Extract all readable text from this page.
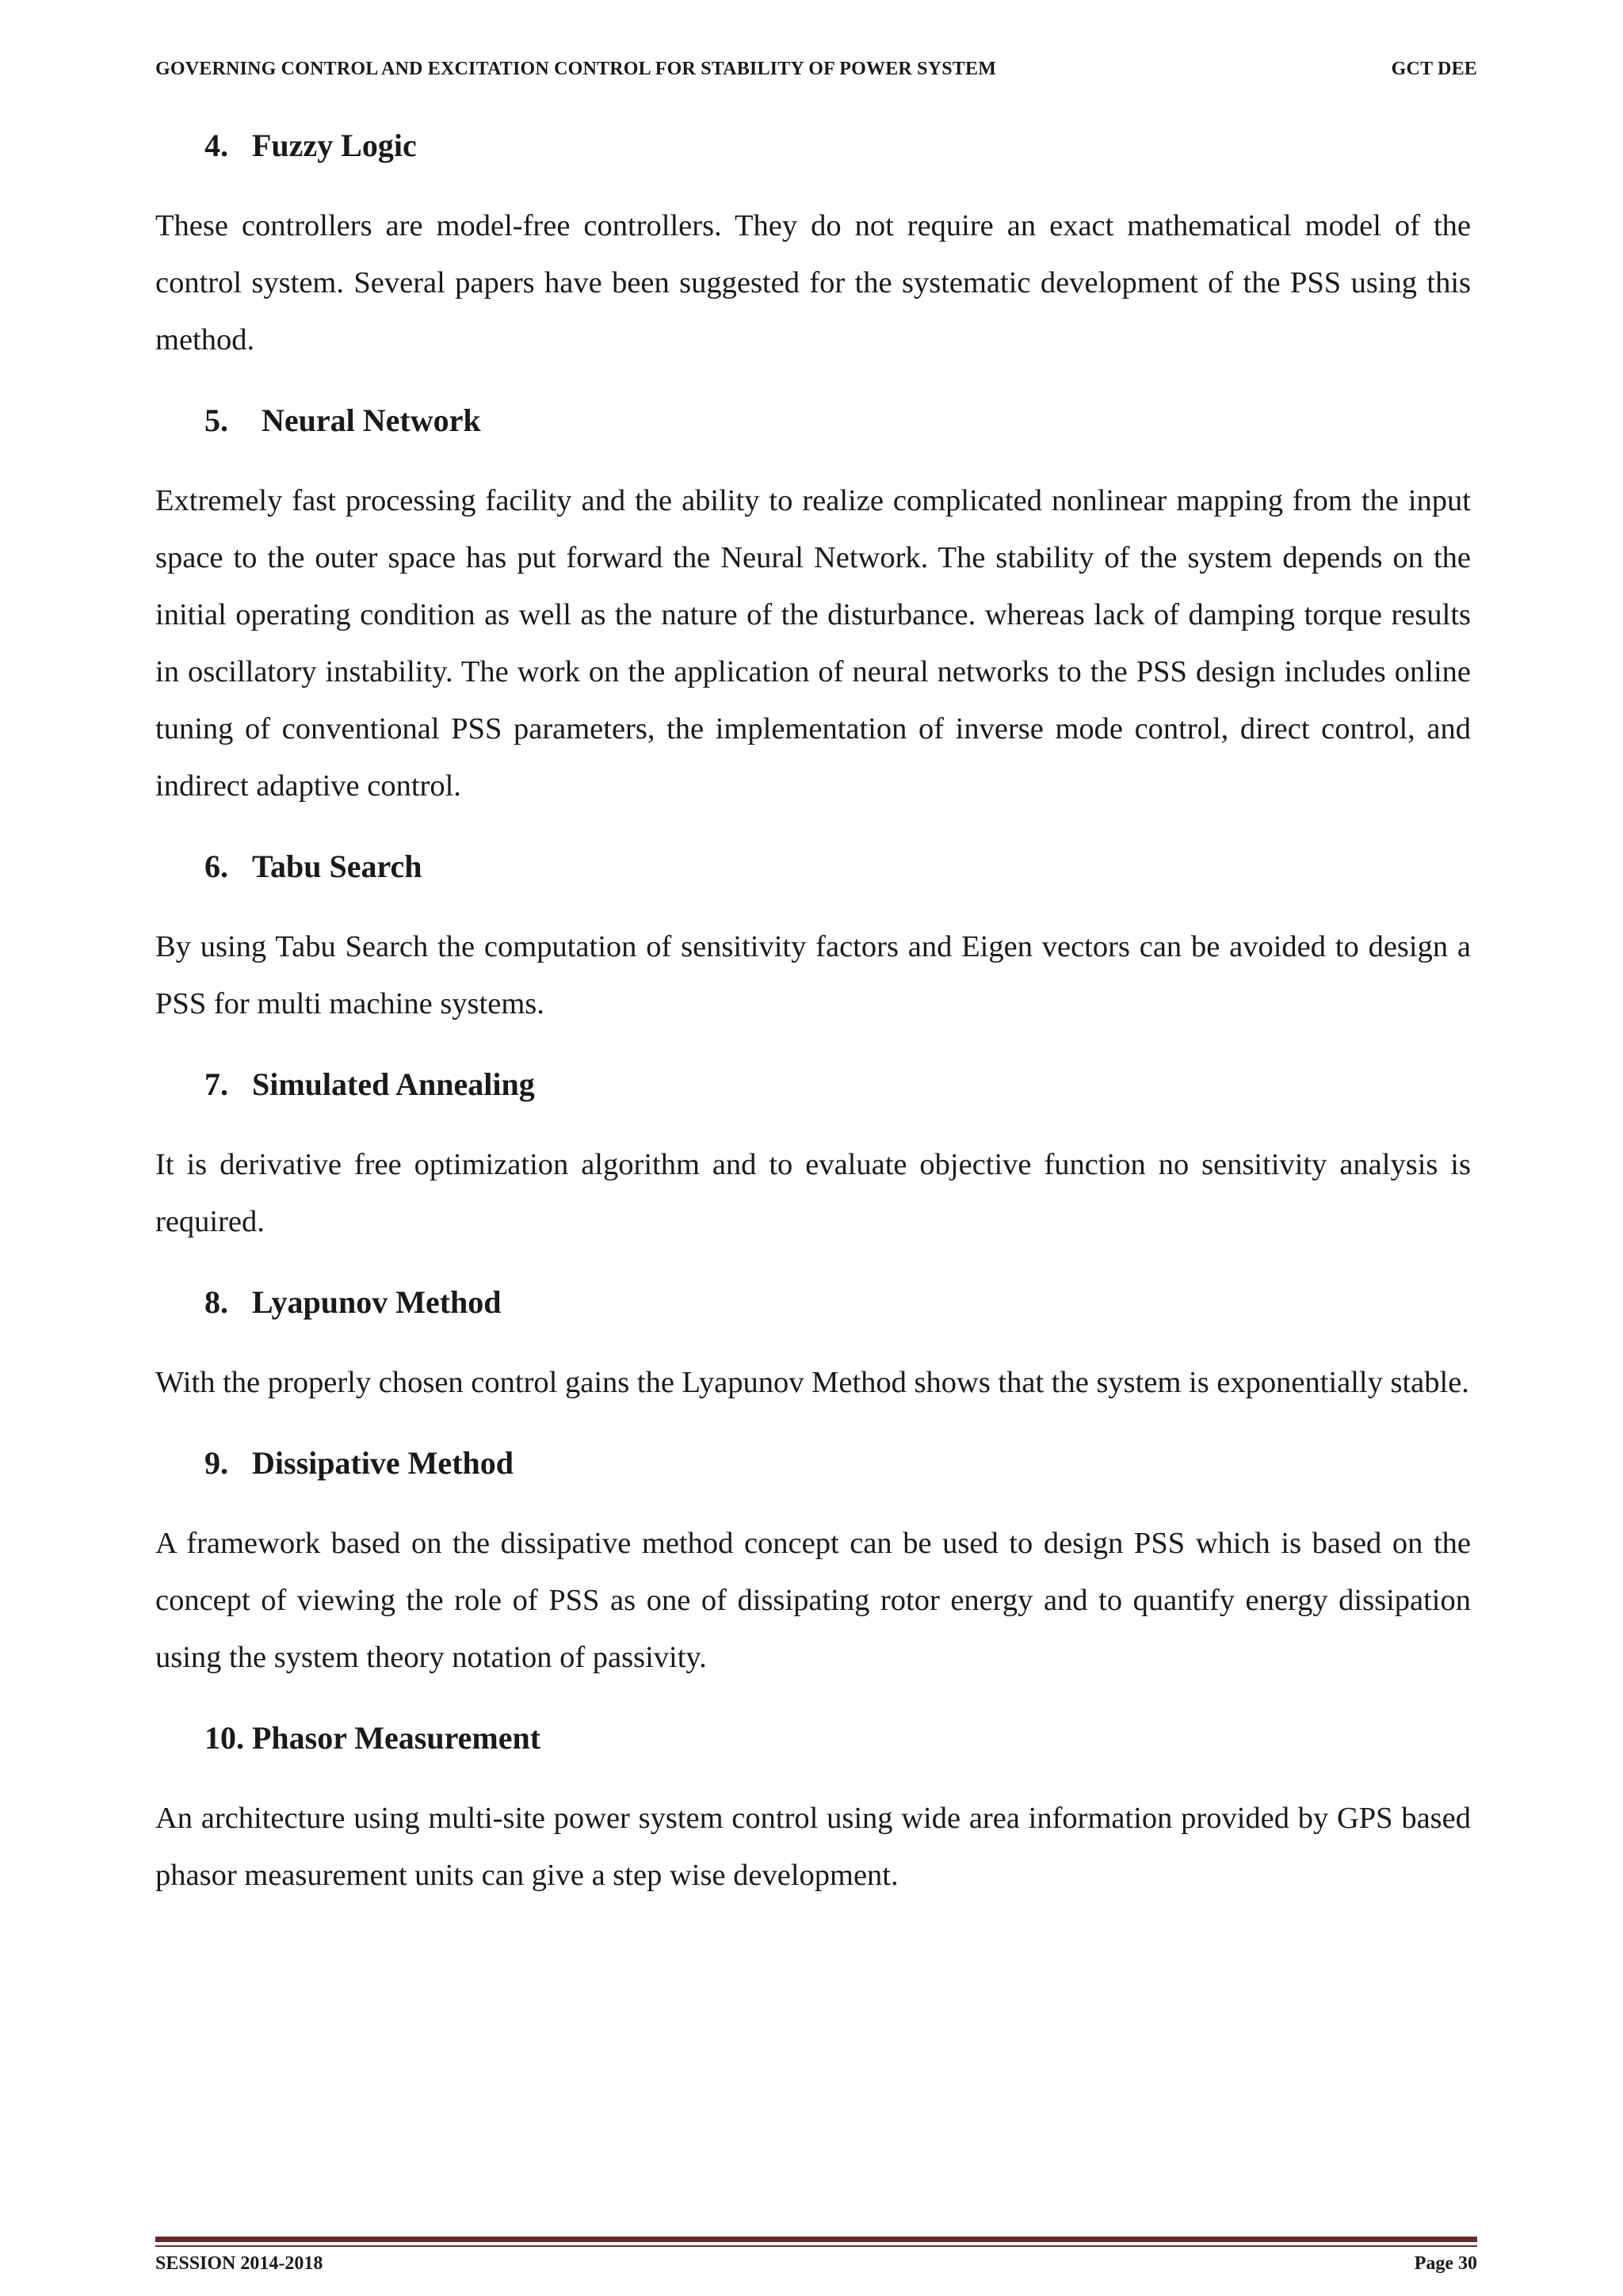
GOVERNING CONTROL AND EXCITATION CONTROL FOR STABILITY OF POWER SYSTEM	GCT DEE
4. Fuzzy Logic

These controllers are model-free controllers. They do not require an exact mathematical model of the control system. Several papers have been suggested for the systematic development of the PSS using this method.

5.	Neural Network

Extremely fast processing facility and the ability to realize complicated nonlinear mapping from the input space to the outer space has put forward the Neural Network. The stability of the system depends on the initial operating condition as well as the nature of the disturbance. whereas lack of damping torque results in oscillatory instability. The work on the application of neural networks to the PSS design includes online tuning of conventional PSS parameters, the implementation of inverse mode control, direct control, and indirect adaptive control.

6. Tabu Search

By using Tabu Search the computation of sensitivity factors and Eigen vectors can be avoided to design a PSS for multi machine systems.

7. Simulated Annealing

It is derivative free optimization algorithm and to evaluate objective function no sensitivity analysis is required.

8. Lyapunov Method

With the properly chosen control gains the Lyapunov Method shows that the system is exponentially stable.

9. Dissipative Method

A framework based on the dissipative method concept can be used to design PSS which is based on the concept of viewing the role of PSS as one of dissipating rotor energy and to quantify energy dissipation using the system theory notation of passivity.

10. Phasor Measurement

An architecture using multi-site power system control using wide area information provided by GPS based phasor measurement units can give a step wise development.

SESSION 2014-2018	Page 30
